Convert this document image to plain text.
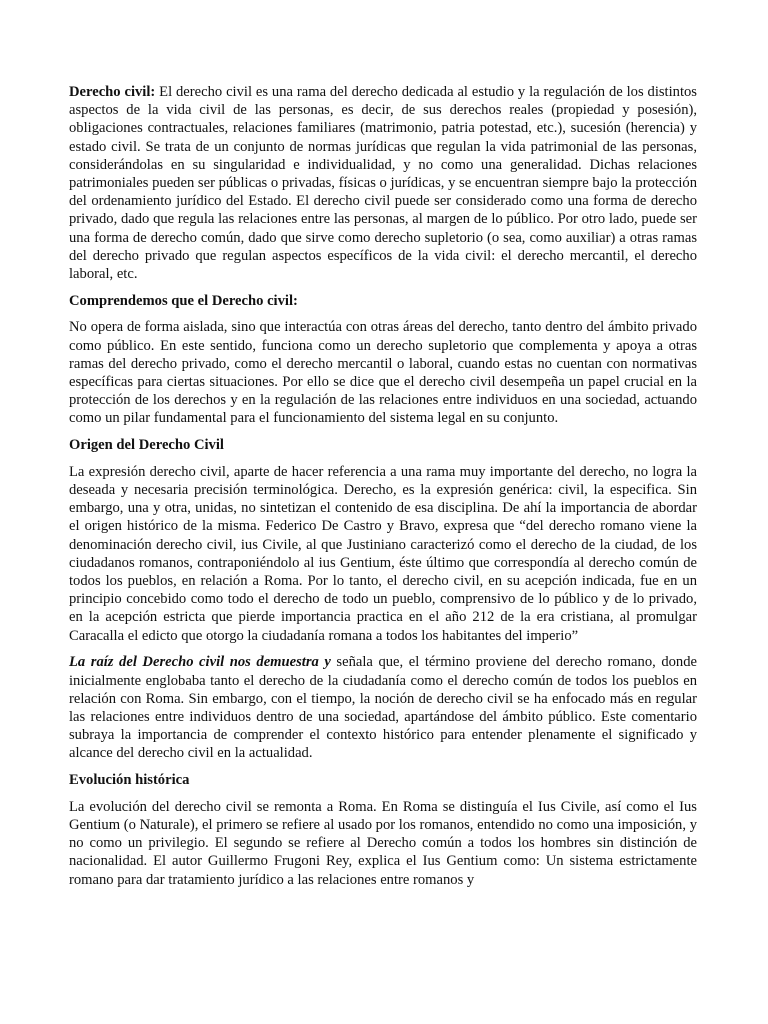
Derecho civil: El derecho civil es una rama del derecho dedicada al estudio y la regulación de los distintos aspectos de la vida civil de las personas, es decir, de sus derechos reales (propiedad y posesión), obligaciones contractuales, relaciones familiares (matrimonio, patria potestad, etc.), sucesión (herencia) y estado civil. Se trata de un conjunto de normas jurídicas que regulan la vida patrimonial de las personas, considerándolas en su singularidad e individualidad, y no como una generalidad. Dichas relaciones patrimoniales pueden ser públicas o privadas, físicas o jurídicas, y se encuentran siempre bajo la protección del ordenamiento jurídico del Estado. El derecho civil puede ser considerado como una forma de derecho privado, dado que regula las relaciones entre las personas, al margen de lo público. Por otro lado, puede ser una forma de derecho común, dado que sirve como derecho supletorio (o sea, como auxiliar) a otras ramas del derecho privado que regulan aspectos específicos de la vida civil: el derecho mercantil, el derecho laboral, etc.

Comprendemos que el Derecho civil:

No opera de forma aislada, sino que interactúa con otras áreas del derecho, tanto dentro del ámbito privado como público. En este sentido, funciona como un derecho supletorio que complementa y apoya a otras ramas del derecho privado, como el derecho mercantil o laboral, cuando estas no cuentan con normativas específicas para ciertas situaciones. Por ello se dice que el derecho civil desempeña un papel crucial en la protección de los derechos y en la regulación de las relaciones entre individuos en una sociedad, actuando como un pilar fundamental para el funcionamiento del sistema legal en su conjunto.

Origen del Derecho Civil

La expresión derecho civil, aparte de hacer referencia a una rama muy importante del derecho, no logra la deseada y necesaria precisión terminológica. Derecho, es la expresión genérica: civil, la especifica. Sin embargo, una y otra, unidas, no sintetizan el contenido de esa disciplina. De ahí la importancia de abordar el origen histórico de la misma. Federico De Castro y Bravo, expresa que “del derecho romano viene la denominación derecho civil, ius Civile, al que Justiniano caracterizó como el derecho de la ciudad, de los ciudadanos romanos, contraponiéndolo al ius Gentium, éste último que correspondía al derecho común de todos los pueblos, en relación a Roma. Por lo tanto, el derecho civil, en su acepción indicada, fue en un principio concebido como todo el derecho de todo un pueblo, comprensivo de lo público y de lo privado, en la acepción estricta que pierde importancia practica en el año 212 de la era cristiana, al promulgar Caracalla el edicto que otorgo la ciudadanía romana a todos los habitantes del imperio”

La raíz del Derecho civil nos demuestra y señala que, el término proviene del derecho romano, donde inicialmente englobaba tanto el derecho de la ciudadanía como el derecho común de todos los pueblos en relación con Roma. Sin embargo, con el tiempo, la noción de derecho civil se ha enfocado más en regular las relaciones entre individuos dentro de una sociedad, apartándose del ámbito público. Este comentario subraya la importancia de comprender el contexto histórico para entender plenamente el significado y alcance del derecho civil en la actualidad.

Evolución histórica

La evolución del derecho civil se remonta a Roma. En Roma se distinguía el Ius Civile, así como el Ius Gentium (o Naturale), el primero se refiere al usado por los romanos, entendido no como una imposición, y no como un privilegio. El segundo se refiere al Derecho común a todos los hombres sin distinción de nacionalidad. El autor Guillermo Frugoni Rey, explica el Ius Gentium como: Un sistema estrictamente romano para dar tratamiento jurídico a las relaciones entre romanos y
